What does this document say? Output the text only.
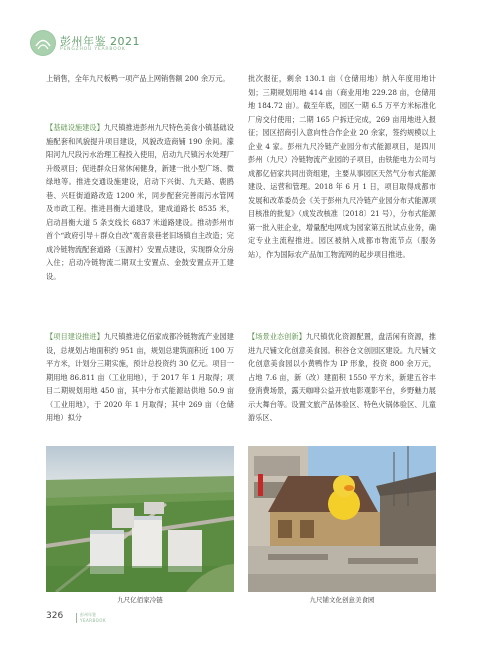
彭州年鉴 2021
PENGZHOU YEARBOOK

上销售，全年九尺板鸭一项产品上网销售额 200 余万元。

【基础设施建设】九尺镇推进彭州九尺特色美食小镇基础设施配套和风貌提升项目建设，风貌改造商铺 190 余间。濛阳河九尺段污水治理工程投入使用，启动九尺镇污水处理厂升级项目；促进群众日常休闲健身，新建一批小型广场、微绿地等。推进交通设施建设，启动下兴街、九天路、鹿鸥巷、兴旺街道路改造 1200 米，同步配套完善雨污水管网及市政工程。推进昌衡大道建设，建成道路长 8535 米，启动昌衡大道 5 条支线长 6837 米道路建设。推动彭州市首个“政府引导＋群众自改”观音泉巷老旧场镇自主改造；完成冷链物流配套道路（玉源村）安置点建设，实现群众分房入住；启动冷链物流二期双土安置点、金鼓安置点开工建设。

【项目建设推进】九尺镇推进亿佰家成都冷链物流产业园建设，总规划占地面积约 951 亩，规划总建筑面积近 100 万平方米，计划分三期实施，预计总投资约 30 亿元。项目一期用地 86.811 亩（工业用地），于 2017 年 1 月取得；项目二期规划用地 450 亩，其中分布式能源站供地 50.9 亩（工业用地），于 2020 年 1 月取得；其中 269 亩（仓储用地）拟分

批次报征，剩余 130.1 亩（仓储用地）纳入年度用地计划；三期规划用地 414 亩（商业用地 229.28 亩，仓储用地 184.72 亩）。截至年底，园区一期 6.5 万平方米标准化厂房交付使用；二期 165 户拆迁完成，269 亩用地进入报征；园区招商引入意向性合作企业 20 余家，签约规模以上企业 4 家。彭州九尺冷链产业园分布式能源项目，是四川彭州（九尺）冷链物流产业园的子项目，由铁能电力公司与成都亿佰家共同出资组建，主要从事园区天然气分布式能源建设、运营和管理。2018 年 6 月 1 日，项目取得成都市发展和改革委员会《关于彭州九尺冷链产业园分布式能源项目核准的批复》（成发改核准〔2018〕21 号），分布式能源第一批入驻企业，增量配电网成为园家第五批试点业务，确定专业主流程推进。园区被纳入成都市物流节点（服务站），作为国际农产品加工物流网的起步项目推进。

【场景业态创新】九尺镇优化资源配置，盘活闲有资源，推进九尺铺文化创意美食园。积谷仓文创园区建设。九尺铺文化创意美食园以小黄鸭作为 IP 形象，投资 800 余万元，占地 7.6 亩，新（改）建面积 1550 平方米，新建五谷丰登消费场景，露天咖啡公益开放电影观影平台，乡野魅力展示大舞台等。设置文旅产品体验区、特色火锅体验区、儿童游乐区、

九尺亿佰家冷链	九尺铺文化创意美食园
326	彭州年鉴
YEARBOOK
